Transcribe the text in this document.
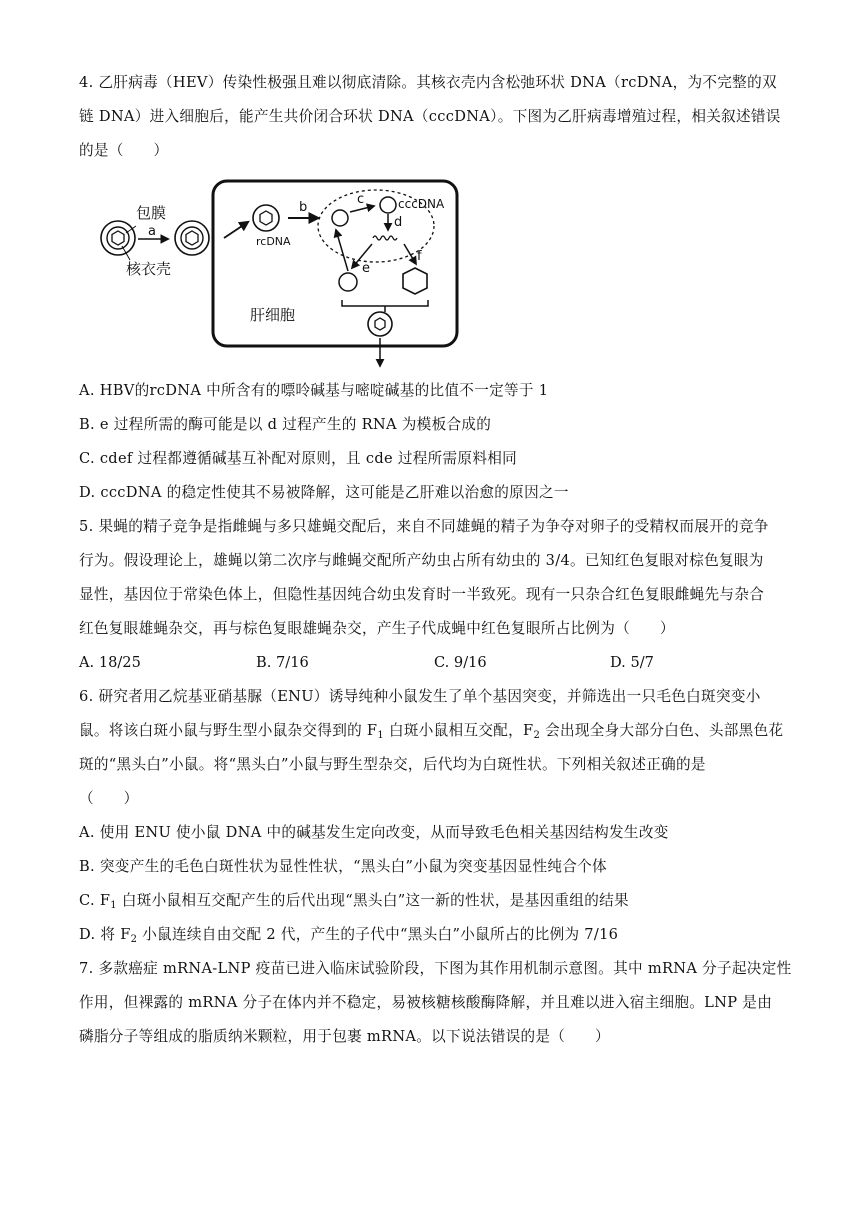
4. 乙肝病毒（HEV）传染性极强且难以彻底清除。其核衣壳内含松弛环状 DNA（rcDNA，为不完整的双
链 DNA）进入细胞后，能产生共价闭合环状 DNA（cccDNA）。下图为乙肝病毒增殖过程，相关叙述错误
的是（　　）
包膜
核衣壳
a
rcDNA
b
c	cccDNA
d
e
f
肝细胞
A. HBV的rcDNA 中所含有的嘌呤碱基与嘧啶碱基的比值不一定等于 1
B. e 过程所需的酶可能是以 d 过程产生的 RNA 为模板合成的
C. cdef 过程都遵循碱基互补配对原则，且 cde 过程所需原料相同
D. cccDNA 的稳定性使其不易被降解，这可能是乙肝难以治愈的原因之一
5. 果蝇的精子竞争是指雌蝇与多只雄蝇交配后，来自不同雄蝇的精子为争夺对卵子的受精权而展开的竞争
行为。假设理论上，雄蝇以第二次序与雌蝇交配所产幼虫占所有幼虫的 3/4。已知红色复眼对棕色复眼为
显性，基因位于常染色体上，但隐性基因纯合幼虫发育时一半致死。现有一只杂合红色复眼雌蝇先与杂合
红色复眼雄蝇杂交，再与棕色复眼雄蝇杂交，产生子代成蝇中红色复眼所占比例为（　　）
A. 18/25	B. 7/16	C. 9/16	D. 5/7
6. 研究者用乙烷基亚硝基脲（ENU）诱导纯种小鼠发生了单个基因突变，并筛选出一只毛色白斑突变小
鼠。将该白斑小鼠与野生型小鼠杂交得到的 $F_1$ 白斑小鼠相互交配，$F_2$ 会出现全身大部分白色、头部黑色花
斑的“黑头白”小鼠。将“黑头白”小鼠与野生型杂交，后代均为白斑性状。下列相关叙述正确的是
（　　）
A. 使用 ENU 使小鼠 DNA 中的碱基发生定向改变，从而导致毛色相关基因结构发生改变
B. 突变产生的毛色白斑性状为显性性状，“黑头白”小鼠为突变基因显性纯合个体
C. $F_1$ 白斑小鼠相互交配产生的后代出现“黑头白”这一新的性状，是基因重组的结果
D. 将 $F_2$ 小鼠连续自由交配 2 代，产生的子代中“黑头白”小鼠所占的比例为 7/16
7. 多款癌症 mRNA-LNP 疫苗已进入临床试验阶段，下图为其作用机制示意图。其中 mRNA 分子起决定性
作用，但裸露的 mRNA 分子在体内并不稳定，易被核糖核酸酶降解，并且难以进入宿主细胞。LNP 是由
磷脂分子等组成的脂质纳米颗粒，用于包裹 mRNA。以下说法错误的是（　　）
